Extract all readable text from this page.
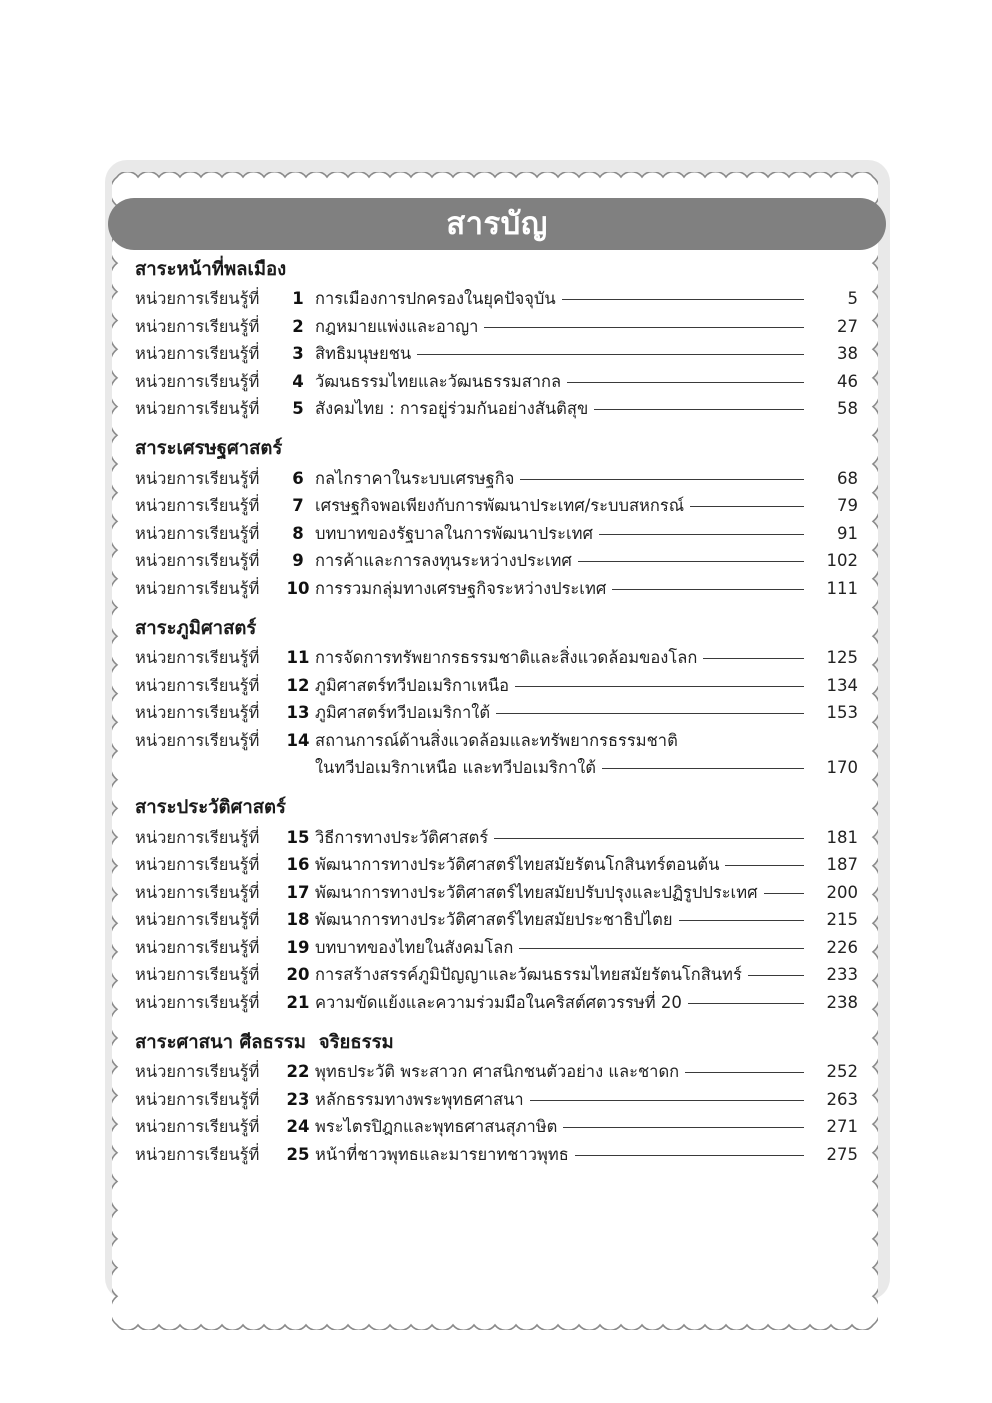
สารบัญ
สาระหน้าที่พลเมือง
หน่วยการเรียนรู้ที่	1 การเมืองการปกครองในยุคปัจจุบัน	5
หน่วยการเรียนรู้ที่	2 กฎหมายแพ่งและอาญา	27
หน่วยการเรียนรู้ที่	3 สิทธิมนุษยชน	38
หน่วยการเรียนรู้ที่	4 วัฒนธรรมไทยและวัฒนธรรมสากล	46
หน่วยการเรียนรู้ที่	5 สังคมไทย : การอยู่ร่วมกันอย่างสันติสุข	58
สาระเศรษฐศาสตร์
หน่วยการเรียนรู้ที่	6 กลไกราคาในระบบเศรษฐกิจ	68
หน่วยการเรียนรู้ที่	7 เศรษฐกิจพอเพียงกับการพัฒนาประเทศ/ระบบสหกรณ์	79
หน่วยการเรียนรู้ที่	8 บทบาทของรัฐบาลในการพัฒนาประเทศ	91
หน่วยการเรียนรู้ที่	9 การค้าและการลงทุนระหว่างประเทศ	102
หน่วยการเรียนรู้ที่	10 การรวมกลุ่มทางเศรษฐกิจระหว่างประเทศ	111
สาระภูมิศาสตร์
หน่วยการเรียนรู้ที่	11 การจัดการทรัพยากรธรรมชาติและสิ่งแวดล้อมของโลก	125
หน่วยการเรียนรู้ที่	12 ภูมิศาสตร์ทวีปอเมริกาเหนือ	134
หน่วยการเรียนรู้ที่	13 ภูมิศาสตร์ทวีปอเมริกาใต้	153
หน่วยการเรียนรู้ที่	14 สถานการณ์ด้านสิ่งแวดล้อมและทรัพยากรธรรมชาติ
ในทวีปอเมริกาเหนือ และทวีปอเมริกาใต้	170
สาระประวัติศาสตร์
หน่วยการเรียนรู้ที่	15 วิธีการทางประวัติศาสตร์	181
หน่วยการเรียนรู้ที่	16 พัฒนาการทางประวัติศาสตร์ไทยสมัยรัตนโกสินทร์ตอนต้น	187
หน่วยการเรียนรู้ที่	17 พัฒนาการทางประวัติศาสตร์ไทยสมัยปรับปรุงและปฏิรูปประเทศ	200
หน่วยการเรียนรู้ที่	18 พัฒนาการทางประวัติศาสตร์ไทยสมัยประชาธิปไตย	215
หน่วยการเรียนรู้ที่	19 บทบาทของไทยในสังคมโลก	226
หน่วยการเรียนรู้ที่	20 การสร้างสรรค์ภูมิปัญญาและวัฒนธรรมไทยสมัยรัตนโกสินทร์	233
หน่วยการเรียนรู้ที่	21 ความขัดแย้งและความร่วมมือในคริสต์ศตวรรษที่ 20	238
สาระศาสนา ศีลธรรม  จริยธรรม
หน่วยการเรียนรู้ที่	22 พุทธประวัติ พระสาวก ศาสนิกชนตัวอย่าง และชาดก	252
หน่วยการเรียนรู้ที่	23 หลักธรรมทางพระพุทธศาสนา	263
หน่วยการเรียนรู้ที่	24 พระไตรปิฎกและพุทธศาสนสุภาษิต	271
หน่วยการเรียนรู้ที่	25 หน้าที่ชาวพุทธและมารยาทชาวพุทธ	275
